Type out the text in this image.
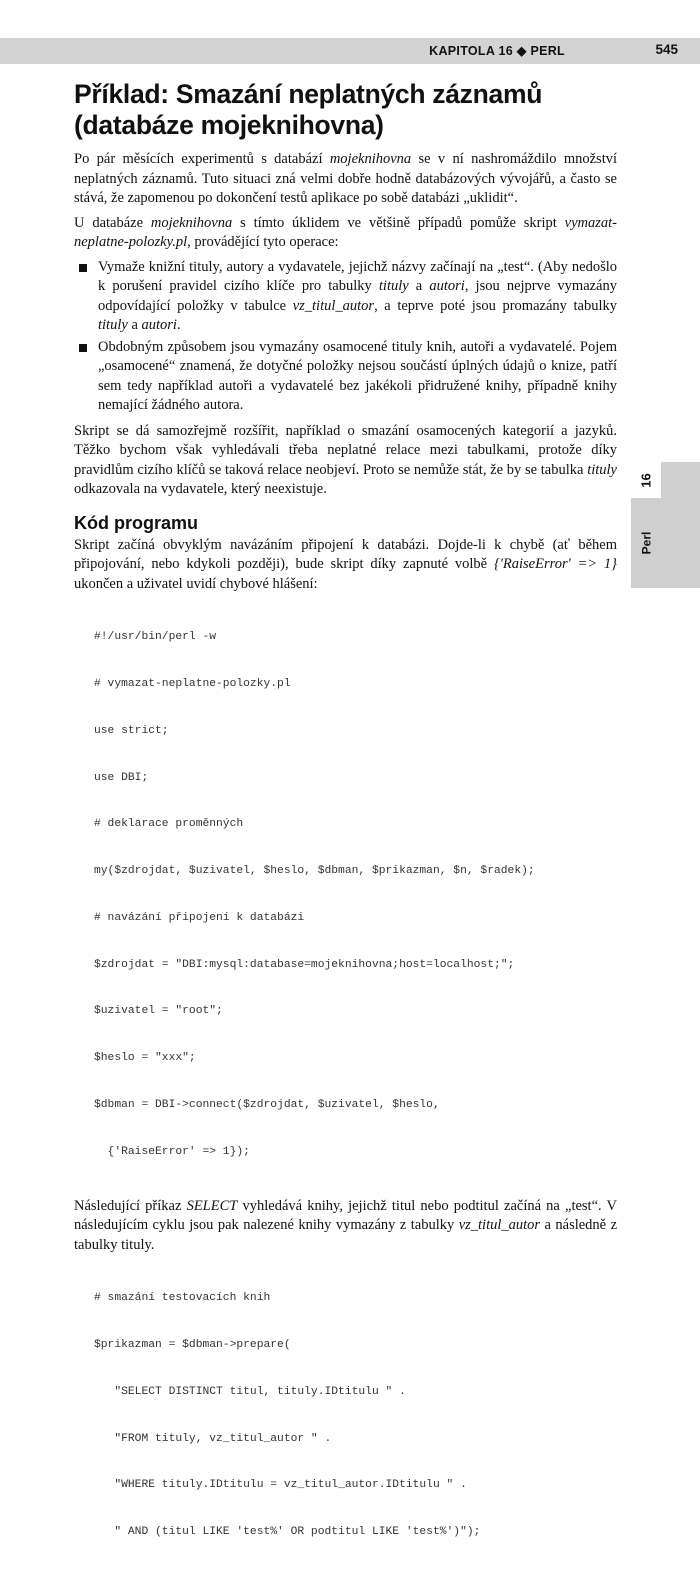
KAPITOLA 16 ◆ PERL	545
16
Perl
Příklad: Smazání neplatných záznamů (databáze mojeknihovna)

Po pár měsících experimentů s databází mojeknihovna se v ní nashromáždilo množství neplatných záznamů. Tuto situaci zná velmi dobře hodně databázových vývojářů, a často se stává, že zapomenou po dokončení testů aplikace po sobě databázi „uklidit“.

U databáze mojeknihovna s tímto úklidem ve většině případů pomůže skript vymazat-neplatne-polozky.pl, provádějící tyto operace:

Vymaže knižní tituly, autory a vydavatele, jejichž názvy začínají na „test“. (Aby nedošlo k porušení pravidel cizího klíče pro tabulky tituly a autori, jsou nejprve vymazány odpovídající položky v tabulce vz_titul_autor, a teprve poté jsou promazány tabulky tituly a autori.
Obdobným způsobem jsou vymazány osamocené tituly knih, autoři a vydavatelé. Pojem „osamocené“ znamená, že dotyčné položky nejsou součástí úplných údajů o knize, patří sem tedy například autoři a vydavatelé bez jakékoli přidružené knihy, případně knihy nemající žádného autora.

Skript se dá samozřejmě rozšířit, například o smazání osamocených kategorií a jazyků. Těžko bychom však vyhledávali třeba neplatné relace mezi tabulkami, protože díky pravidlům cizího klíčů se taková relace neobjeví. Proto se nemůže stát, že by se tabulka tituly odkazovala na vydavatele, který neexistuje.

Kód programu

Skript začíná obvyklým navázáním připojení k databázi. Dojde-li k chybě (ať během připojování, nebo kdykoli později), bude skript díky zapnuté volbě {'RaiseError' => 1} ukončen a uživatel uvidí chybové hlášení:

#!/usr/bin/perl -w

# vymazat-neplatne-polozky.pl

use strict;

use DBI;

# deklarace proměnných

my($zdrojdat, $uzivatel, $heslo, $dbman, $prikazman, $n, $radek);

# navázání připojení k databázi

$zdrojdat = "DBI:mysql:database=mojeknihovna;host=localhost;";

$uzivatel = "root";

$heslo = "xxx";

$dbman = DBI->connect($zdrojdat, $uzivatel, $heslo,

{'RaiseError' => 1});

Následující příkaz SELECT vyhledává knihy, jejichž titul nebo podtitul začíná na „test“. V následujícím cyklu jsou pak nalezené knihy vymazány z tabulky vz_titul_autor a následně z tabulky tituly.

# smazání testovacích knih

$prikazman = $dbman->prepare(

"SELECT DISTINCT titul, tituly.IDtitulu " .

"FROM tituly, vz_titul_autor " .

"WHERE tituly.IDtitulu = vz_titul_autor.IDtitulu " .

" AND (titul LIKE 'test%' OR podtitul LIKE 'test%')");
